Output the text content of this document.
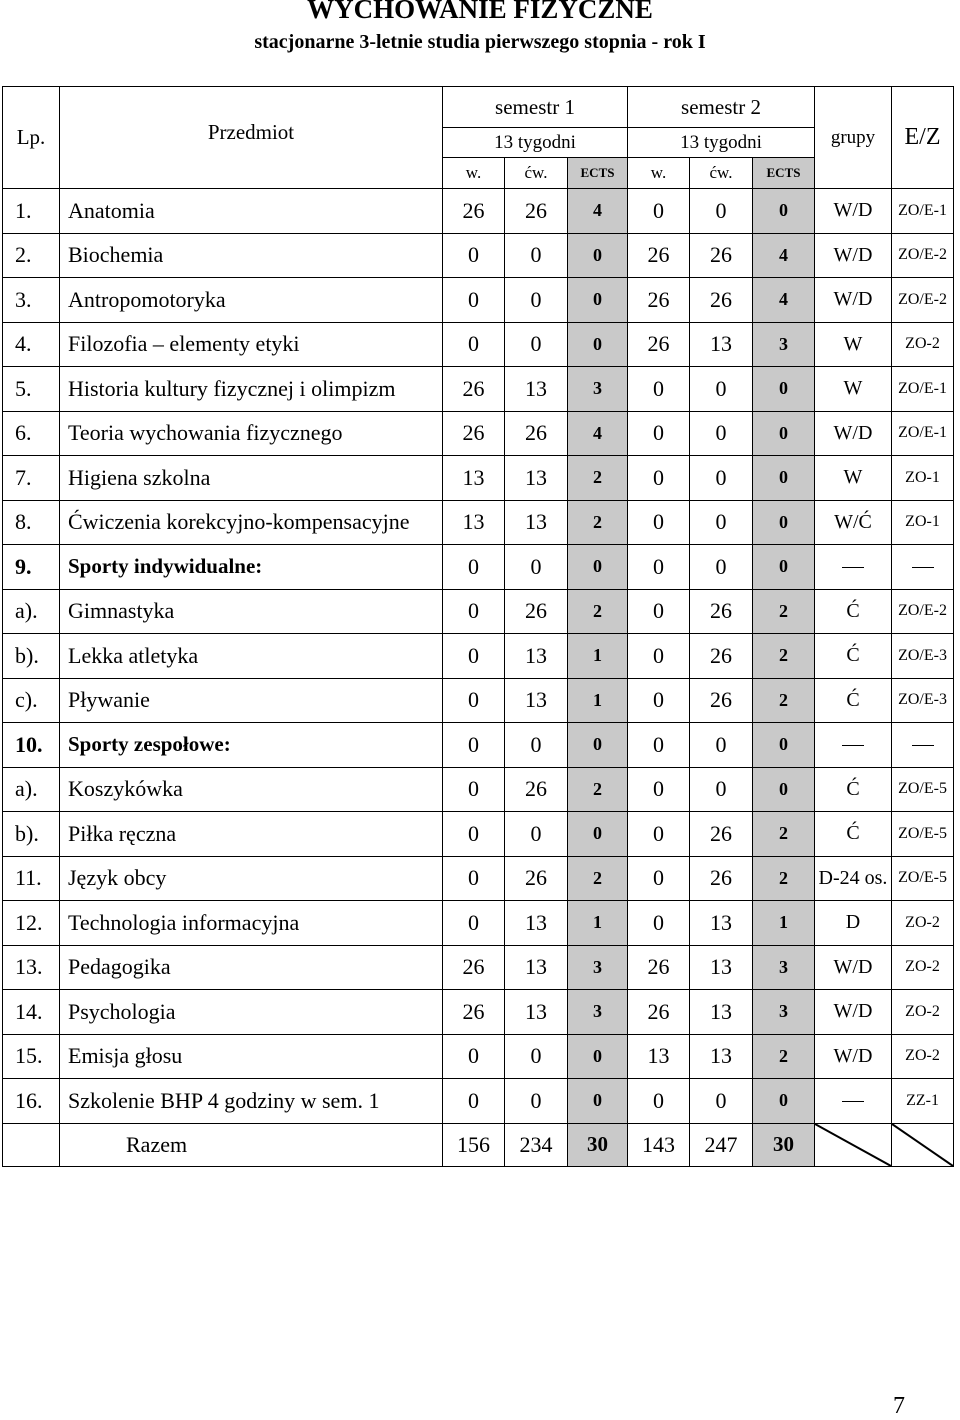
WYCHOWANIE FIZYCZNE
stacjonarne 3-letnie studia pierwszego stopnia - rok I
Lp.	Przedmiot	semestr 1			semestr 2			grupy	E/Z
		13 tygodni			13 tygodni				
		w.	ćw.	ECTS	w.	ćw.	ECTS		
1.	Anatomia	26	26	4	0	0	0	W/D	ZO/E-1
2.	Biochemia	0	0	0	26	26	4	W/D	ZO/E-2
3.	Antropomotoryka	0	0	0	26	26	4	W/D	ZO/E-2
4.	Filozofia – elementy etyki	0	0	0	26	13	3	W	ZO-2
5.	Historia kultury fizycznej i olimpizm	26	13	3	0	0	0	W	ZO/E-1
6.	Teoria wychowania fizycznego	26	26	4	0	0	0	W/D	ZO/E-1
7.	Higiena szkolna	13	13	2	0	0	0	W	ZO-1
8.	Ćwiczenia korekcyjno-kompensacyjne	13	13	2	0	0	0	W/Ć	ZO-1
9.	Sporty indywidualne:	0	0	0	0	0	0		
a).	Gimnastyka	0	26	2	0	26	2	Ć	ZO/E-2
b).	Lekka atletyka	0	13	1	0	26	2	Ć	ZO/E-3
c).	Pływanie	0	13	1	0	26	2	Ć	ZO/E-3
10.	Sporty zespołowe:	0	0	0	0	0	0		
a).	Koszykówka	0	26	2	0	0	0	Ć	ZO/E-5
b).	Piłka ręczna	0	0	0	0	26	2	Ć	ZO/E-5
11.	Język obcy	0	26	2	0	26	2	D-24 os.	ZO/E-5
12.	Technologia informacyjna	0	13	1	0	13	1	D	ZO-2
13.	Pedagogika	26	13	3	26	13	3	W/D	ZO-2
14.	Psychologia	26	13	3	26	13	3	W/D	ZO-2
15.	Emisja głosu	0	0	0	13	13	2	W/D	ZO-2
16.	Szkolenie BHP 4 godziny w sem. 1	0	0	0	0	0	0		ZZ-1
	Razem	156	234	30	143	247	30	

7
